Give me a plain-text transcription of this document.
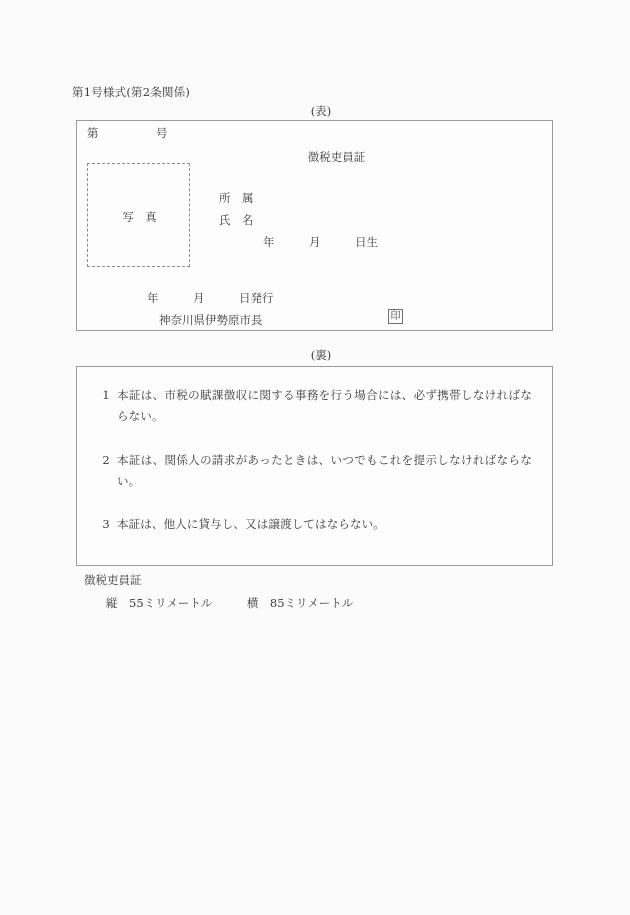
第1号様式(第2条関係)
(表)
第　　　　　号
徴税吏員証
写　真
所　属
氏　名
年　　　月　　　日生
年　　　月　　　日発行
神奈川県伊勢原市長	印
(裏)
1 本証は、市税の賦課徴収に関する事務を行う場合には、必ず携帯しなければならない。
2 本証は、関係人の請求があったときは、いつでもこれを提示しなければならない。
3 本証は、他人に貸与し、又は譲渡してはならない。
徴税吏員証
縦　55ミリメートル　　　横　85ミリメートル
